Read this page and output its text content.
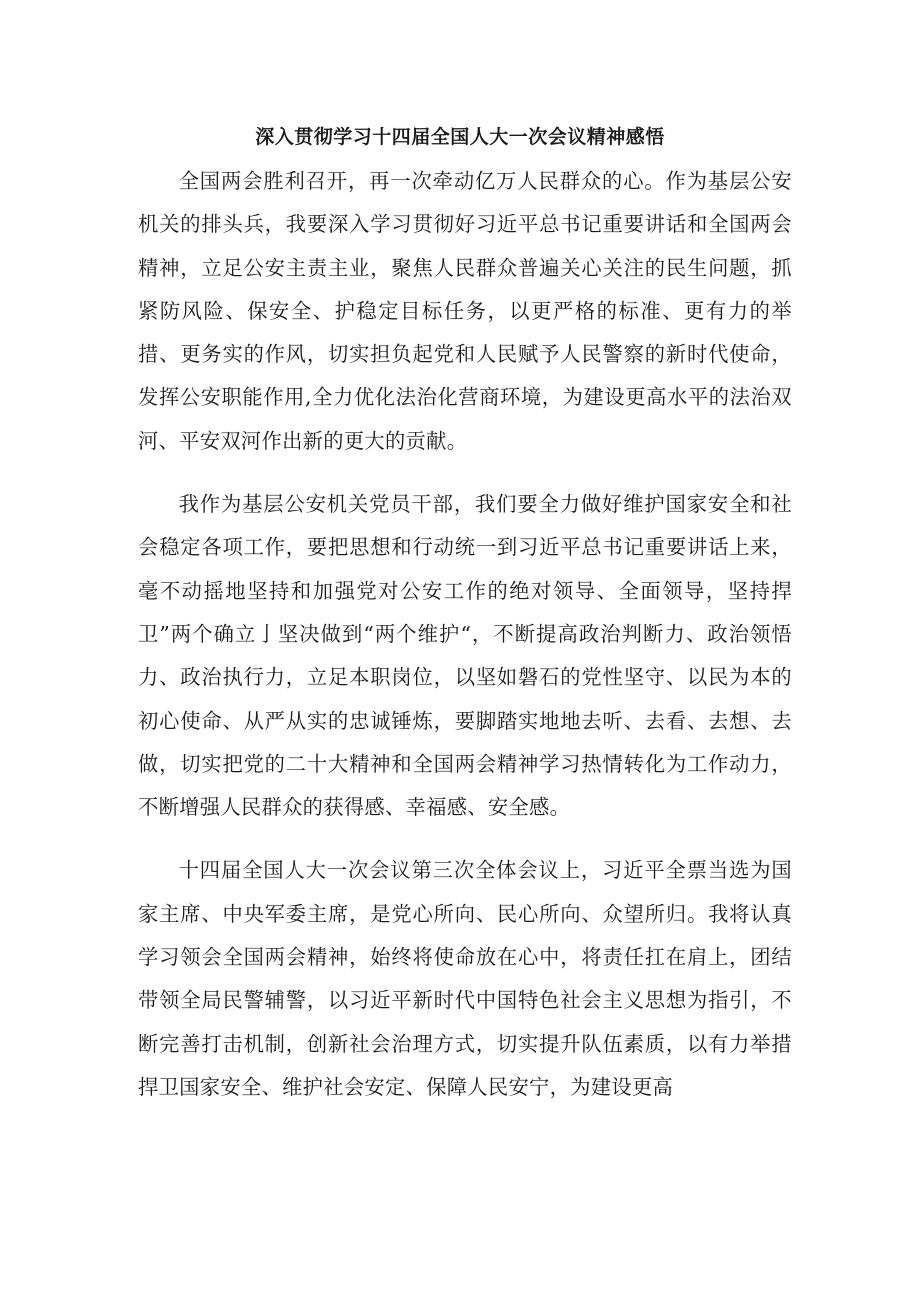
深入贯彻学习十四届全国人大一次会议精神感悟

全国两会胜利召开，再一次牵动亿万人民群众的心。作为基层公安机关的排头兵，我要深入学习贯彻好习近平总书记重要讲话和全国两会精神，立足公安主责主业，聚焦人民群众普遍关心关注的民生问题，抓紧防风险、保安全、护稳定目标任务，以更严格的标准、更有力的举措、更务实的作风，切实担负起党和人民赋予人民警察的新时代使命，发挥公安职能作用,全力优化法治化营商环境，为建设更高水平的法治双河、平安双河作出新的更大的贡献。

我作为基层公安机关党员干部，我们要全力做好维护国家安全和社会稳定各项工作，要把思想和行动统一到习近平总书记重要讲话上来，毫不动摇地坚持和加强党对公安工作的绝对领导、全面领导，坚持捍卫”两个确立亅坚决做到“两个维护“，不断提高政治判断力、政治领悟力、政治执行力，立足本职岗位，以坚如磐石的党性坚守、以民为本的初心使命、从严从实的忠诚锤炼，要脚踏实地地去听、去看、去想、去做，切实把党的二十大精神和全国两会精神学习热情转化为工作动力，不断增强人民群众的获得感、幸福感、安全感。

十四届全国人大一次会议第三次全体会议上，习近平全票当选为国家主席、中央军委主席，是党心所向、民心所向、众望所归。我将认真学习领会全国两会精神，始终将使命放在心中，将责任扛在肩上，团结带领全局民警辅警，以习近平新时代中国特色社会主义思想为指引，不断完善打击机制，创新社会治理方式，切实提升队伍素质，以有力举措捍卫国家安全、维护社会安定、保障人民安宁，为建设更高
